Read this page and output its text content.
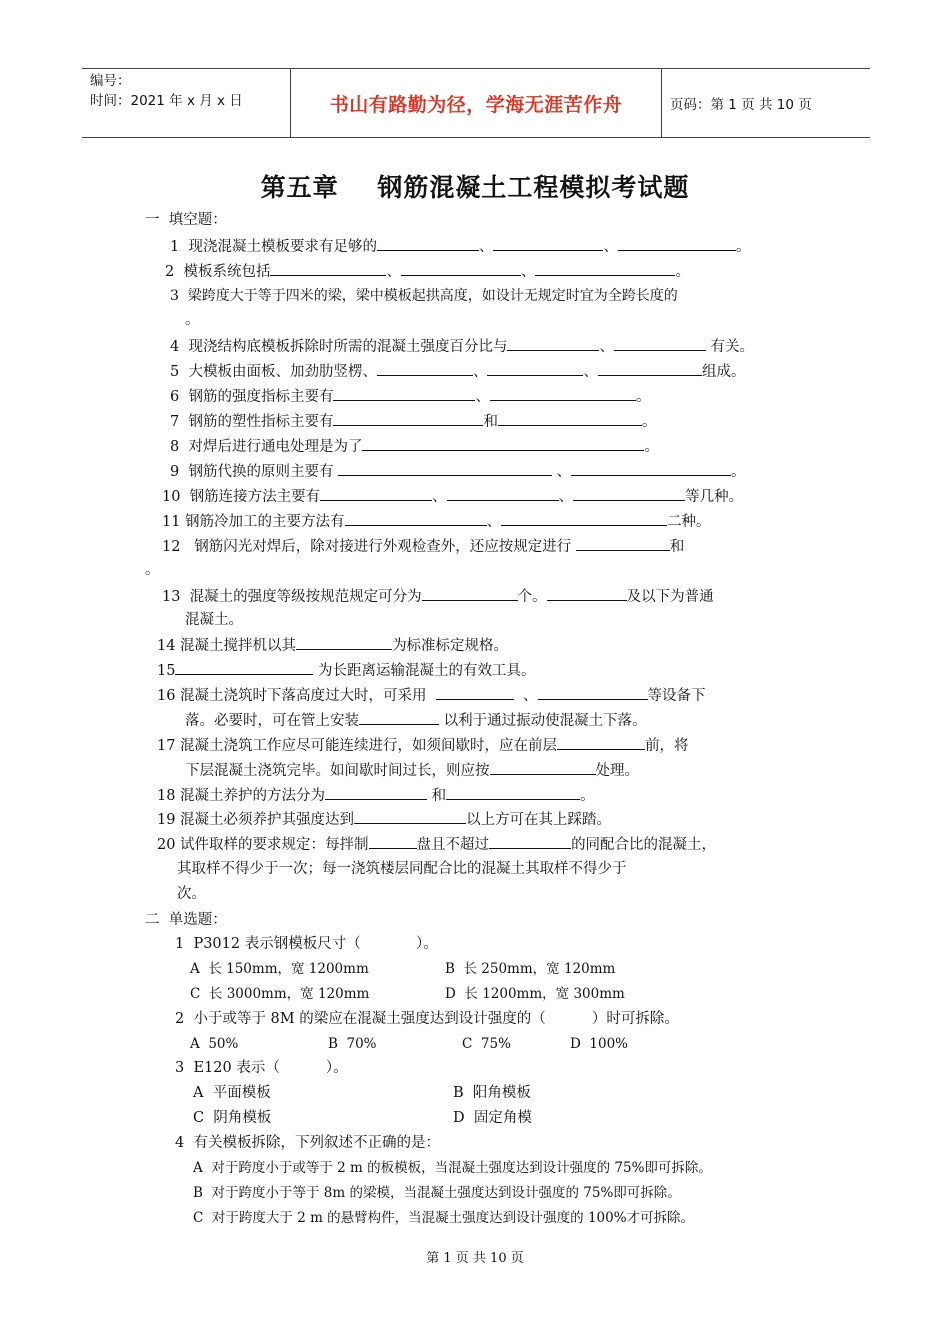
编号：
时间：2021 年 x 月 x 日	书山有路勤为径，学海无涯苦作舟	页码：第 1 页 共 10 页
第五章    钢筋混凝土工程模拟考试题
一  填空题：
1  现浇混凝土模板要求有足够的	、	、	。
2  模板系统包括	、	、	。
3  梁跨度大于等于四米的梁，梁中模板起拱高度，如设计无规定时宜为全跨长度的
。
4  现浇结构底模板拆除时所需的混凝土强度百分比与	、	有关。
5  大模板由面板、加劲肋竖楞、	、	、	组成。
6  钢筋的强度指标主要有	、	。
7  钢筋的塑性指标主要有	和	。
8  对焊后进行通电处理是为了	。
9  钢筋代换的原则主要有	、	。
10  钢筋连接方法主要有	、	、	等几种。
11 钢筋冷加工的主要方法有	、	二种。
12   钢筋闪光对焊后，除对接进行外观检查外，还应按规定进行	和
。
13  混凝土的强度等级按规范规定可分为	个。	及以下为普通
混凝土。
14 混凝土搅拌机以其	为标准标定规格。
15	为长距离运输混凝土的有效工具。
16 混凝土浇筑时下落高度过大时，可采用	、	等设备下
落。必要时，可在管上安装	以利于通过振动使混凝土下落。
17 混凝土浇筑工作应尽可能连续进行，如须间歇时，应在前层	前，将
下层混凝土浇筑完毕。如间歇时间过长，则应按	处理。
18 混凝土养护的方法分为	和	。
19 混凝土必须养护其强度达到	以上方可在其上踩踏。
20 试件取样的要求规定：每拌制	盘且不超过	的同配合比的混凝土，
其取样不得少于一次；每一浇筑楼层同配合比的混凝土其取样不得少于
次。
二  单选题：
1  P3012 表示钢模板尺寸（            ）。
A  长 150mm，宽 1200mm	B  长 250mm，宽 120mm
C  长 3000mm，宽 120mm	D  长 1200mm，宽 300mm
2  小于或等于 8M 的梁应在混凝土强度达到设计强度的（          ）时可拆除。
A  50%	B  70%	C  75%	D  100%
3  E120 表示（          ）。
A  平面模板	B  阳角模板
C  阴角模板	D  固定角模
4  有关模板拆除，下列叙述不正确的是：
A  对于跨度小于或等于 2 m 的板模板，当混凝土强度达到设计强度的 75%即可拆除。
B  对于跨度小于等于 8m 的梁模，当混凝土强度达到设计强度的 75%即可拆除。
C  对于跨度大于 2 m 的悬臂构件，当混凝土强度达到设计强度的 100%才可拆除。
第 1 页 共 10 页
